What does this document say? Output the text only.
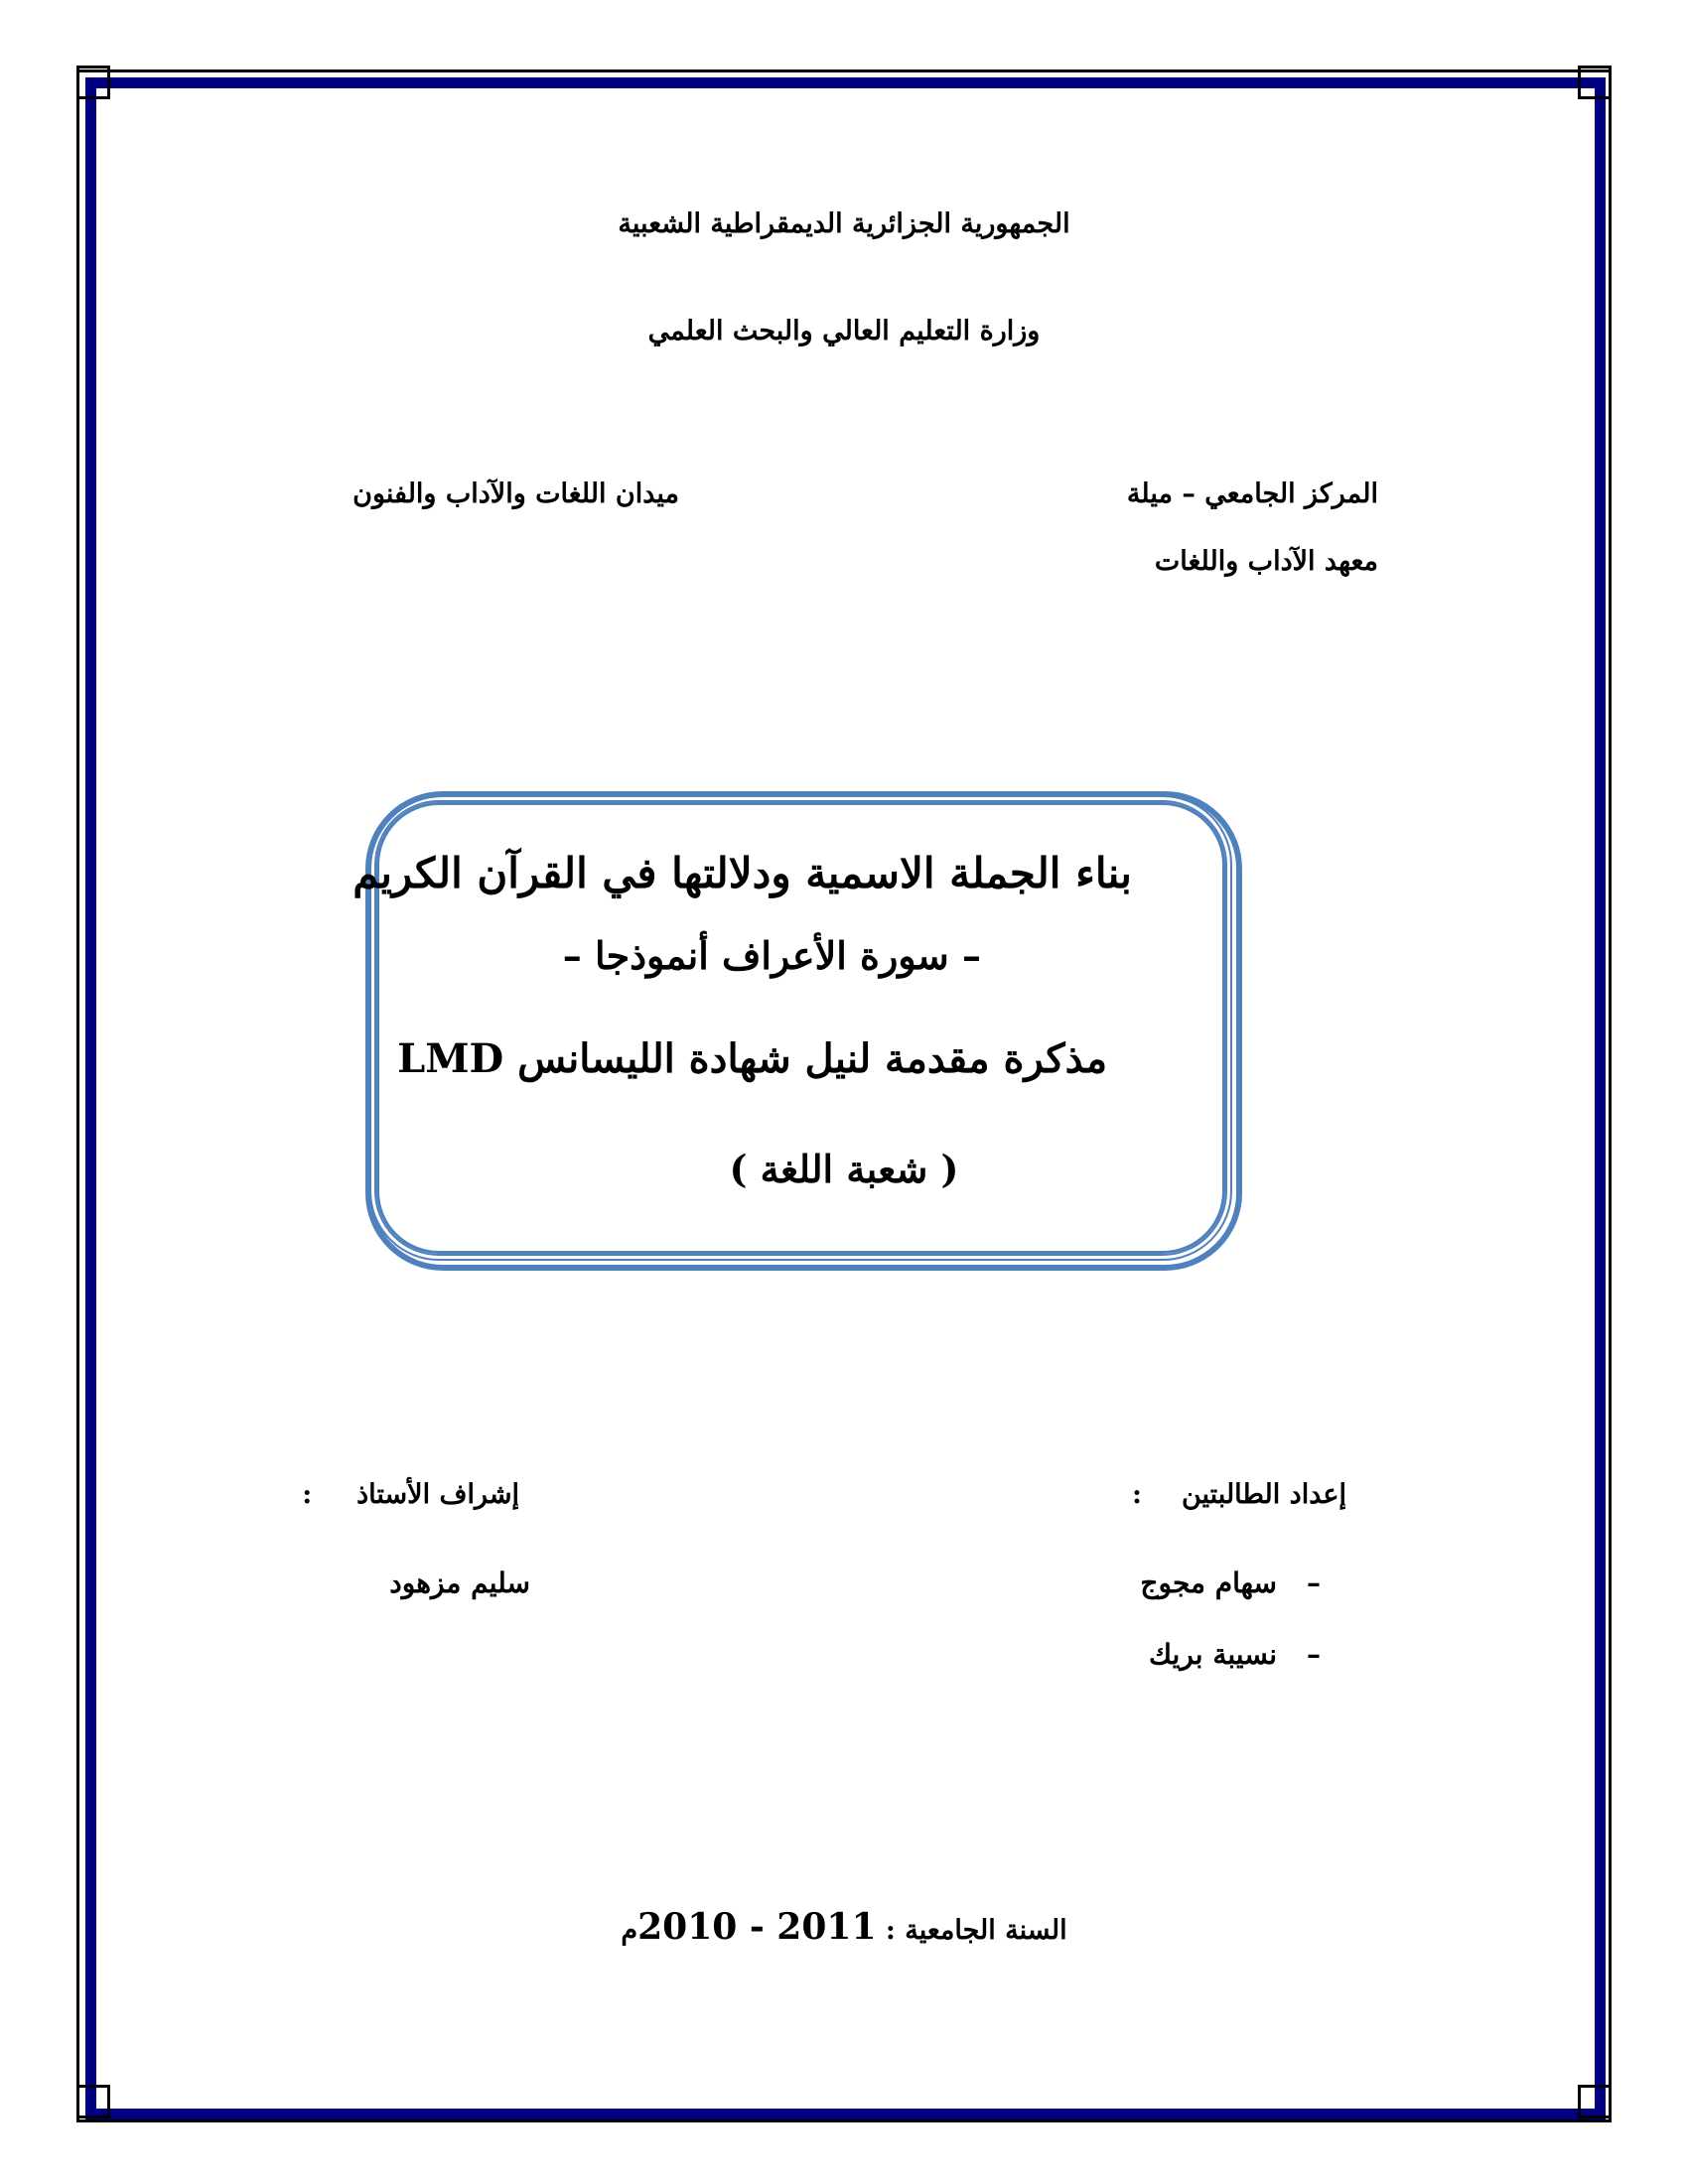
الجمهورية الجزائرية الديمقراطية الشعبية
وزارة التعليم العالي والبحث العلمي
المركز الجامعي – ميلة
معهد الآداب واللغات
ميدان اللغات والآداب والفنون
بناء الجملة الاسمية ودلالتها في القرآن الكريم
– سورة الأعراف أنموذجا –
مذكرة مقدمة لنيل شهادة الليسانس LMD
( شعبة اللغة )
إعداد الطالبتين:
–سهام مجوج
–نسيبة بريك
إشراف الأستاذ:
سليم مزهود
السنة الجامعية : 2010 - 2011م
